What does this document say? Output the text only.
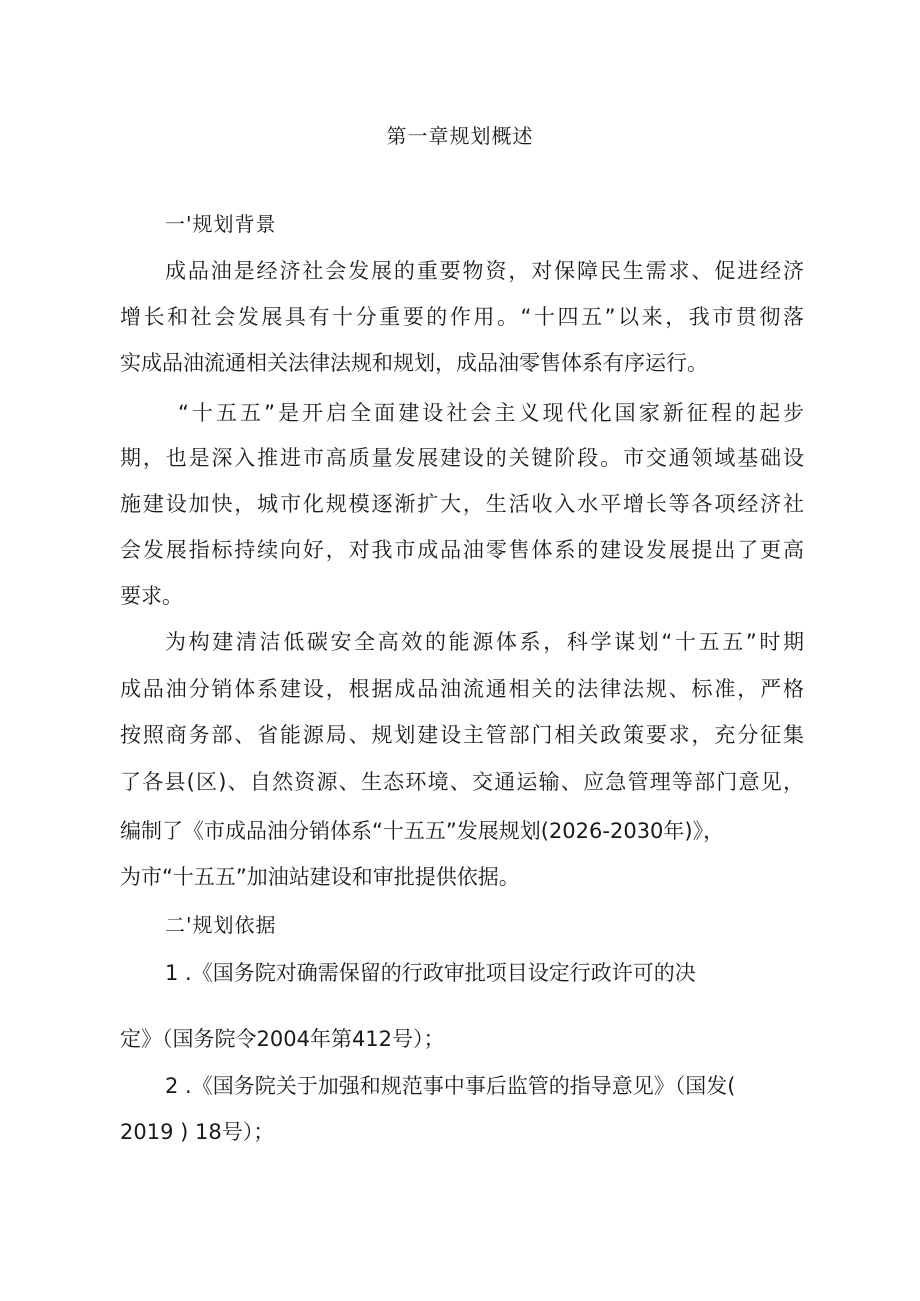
第一章规划概述
一'规划背景
成品油是经济社会发展的重要物资，对保障民生需求、促进经济
增长和社会发展具有十分重要的作用。“十四五”以来，我市贯彻落
实成品油流通相关法律法规和规划，成品油零售体系有序运行。
“十五五”是开启全面建设社会主义现代化国家新征程的起步
期，也是深入推进市高质量发展建设的关键阶段。市交通领域基础设
施建设加快，城市化规模逐渐扩大，生活收入水平增长等各项经济社
会发展指标持续向好，对我市成品油零售体系的建设发展提出了更高
要求。
为构建清洁低碳安全高效的能源体系，科学谋划“十五五”时期
成品油分销体系建设，根据成品油流通相关的法律法规、标准，严格
按照商务部、省能源局、规划建设主管部门相关政策要求，充分征集
了各县(区)、自然资源、生态环境、交通运输、应急管理等部门意见，
编制了《市成品油分销体系“十五五”发展规划(2026-2030年)》，
为市“十五五”加油站建设和审批提供依据。
二'规划依据
1 .《国务院对确需保留的行政审批项目设定行政许可的决
定》（国务院令2004年第412号）；
2 .《国务院关于加强和规范事中事后监管的指导意见》（国发(
2019 ) 18号）；
